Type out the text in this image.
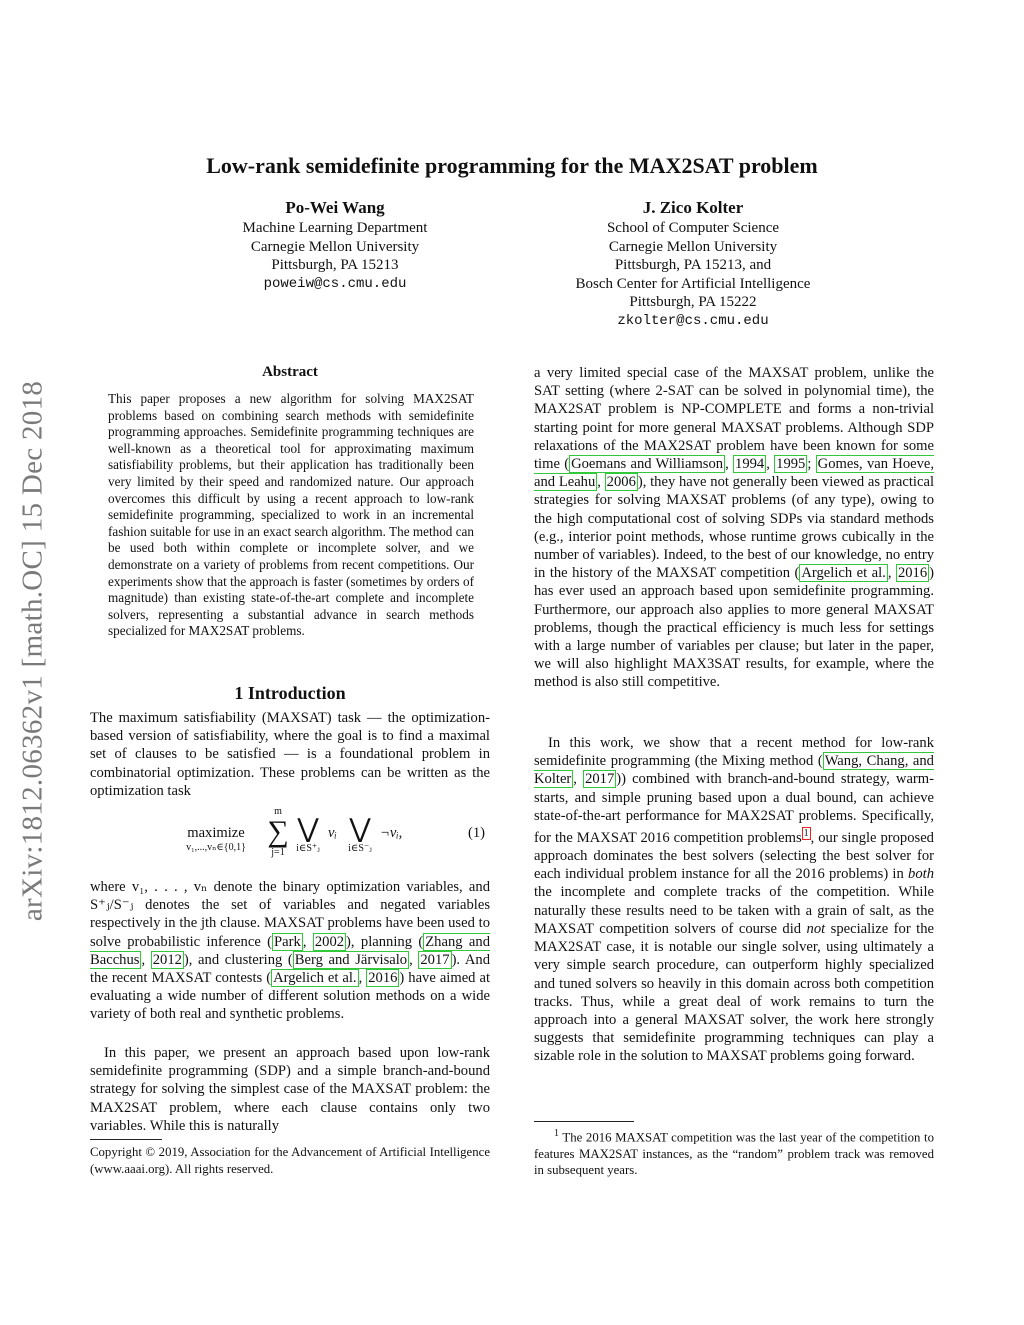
Low-rank semidefinite programming for the MAX2SAT problem
Po-Wei Wang
Machine Learning Department
Carnegie Mellon University
Pittsburgh, PA 15213
poweiw@cs.cmu.edu
J. Zico Kolter
School of Computer Science
Carnegie Mellon University
Pittsburgh, PA 15213, and
Bosch Center for Artificial Intelligence
Pittsburgh, PA 15222
zkolter@cs.cmu.edu
arXiv:1812.06362v1 [math.OC] 15 Dec 2018
Abstract
This paper proposes a new algorithm for solving MAX2SAT problems based on combining search methods with semidefinite programming approaches. Semidefinite programming techniques are well-known as a theoretical tool for approximating maximum satisfiability problems, but their application has traditionally been very limited by their speed and randomized nature. Our approach overcomes this difficult by using a recent approach to low-rank semidefinite programming, specialized to work in an incremental fashion suitable for use in an exact search algorithm. The method can be used both within complete or incomplete solver, and we demonstrate on a variety of problems from recent competitions. Our experiments show that the approach is faster (sometimes by orders of magnitude) than existing state-of-the-art complete and incomplete solvers, representing a substantial advance in search methods specialized for MAX2SAT problems.
1 Introduction

The maximum satisfiability (MAXSAT) task — the optimization-based version of satisfiability, where the goal is to find a maximal set of clauses to be satisfied — is a foundational problem in combinatorial optimization. These problems can be written as the optimization task

maximize
v₁,...,vₙ∈{0,1}
m
∑
j=1
⋁
i∈S⁺ⱼ
vᵢ ⋁
i∈S⁻ⱼ
¬vᵢ,	(1)

where v₁, . . . , vₙ denote the binary optimization variables, and S⁺ⱼ/S⁻ⱼ denotes the set of variables and negated variables respectively in the jth clause. MAXSAT problems have been used to solve probabilistic inference ( Park , 2002 ), planning ( Zhang and Bacchus , 2012 ), and clustering ( Berg and Järvisalo , 2017 ). And the recent MAXSAT contests ( Argelich et al. , 2016 ) have aimed at evaluating a wide number of different solution methods on a wide variety of both real and synthetic problems.

In this paper, we present an approach based upon low-rank semidefinite programming (SDP) and a simple branch-and-bound strategy for solving the simplest case of the MAXSAT problem: the MAX2SAT problem, where each clause contains only two variables. While this is naturally

Copyright © 2019, Association for the Advancement of Artificial Intelligence (www.aaai.org). All rights reserved.

a very limited special case of the MAXSAT problem, unlike the SAT setting (where 2-SAT can be solved in polynomial time), the MAX2SAT problem is NP-COMPLETE and forms a non-trivial starting point for more general MAXSAT problems. Although SDP relaxations of the MAX2SAT problem have been known for some time ( Goemans and Williamson , 1994 , 1995 ; Gomes, van Hoeve, and Leahu , 2006 ), they have not generally been viewed as practical strategies for solving MAXSAT problems (of any type), owing to the high computational cost of solving SDPs via standard methods (e.g., interior point methods, whose runtime grows cubically in the number of variables). Indeed, to the best of our knowledge, no entry in the history of the MAXSAT competition ( Argelich et al. , 2016 ) has ever used an approach based upon semidefinite programming. Furthermore, our approach also applies to more general MAXSAT problems, though the practical efficiency is much less for settings with a large number of variables per clause; but later in the paper, we will also highlight MAX3SAT results, for example, where the method is also still competitive.

In this work, we show that a recent method for low-rank semidefinite programming (the Mixing method ( Wang, Chang, and Kolter , 2017 )) combined with branch-and-bound strategy, warm-starts, and simple pruning based upon a dual bound, can achieve state-of-the-art performance for MAX2SAT problems. Specifically, for the MAXSAT 2016 competition problems $^1$ , our single proposed approach dominates the best solvers (selecting the best solver for each individual problem instance for all the 2016 problems) in both the incomplete and complete tracks of the competition. While naturally these results need to be taken with a grain of salt, as the MAXSAT competition solvers of course did not specialize for the MAX2SAT case, it is notable our single solver, using ultimately a very simple search procedure, can outperform highly specialized and tuned solvers so heavily in this domain across both competition tracks. Thus, while a great deal of work remains to turn the approach into a general MAXSAT solver, the work here strongly suggests that semidefinite programming techniques can play a sizable role in the solution to MAXSAT problems going forward.

$^1$ The 2016 MAXSAT competition was the last year of the competition to features MAX2SAT instances, as the “random” problem track was removed in subsequent years.
